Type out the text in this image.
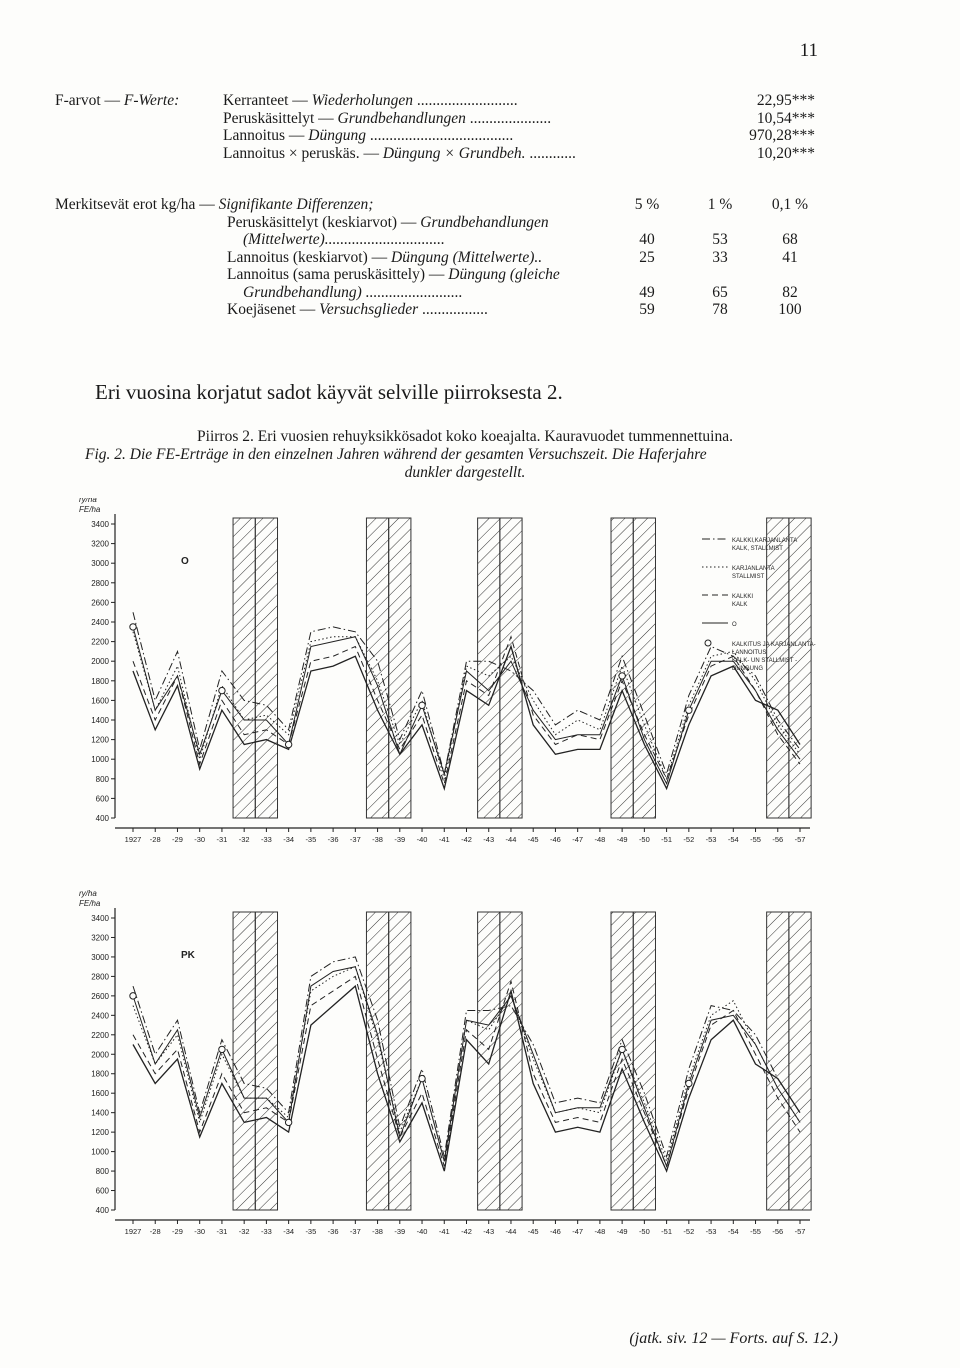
11
F-arvot — F-Werte:	Kerranteet — Wiederholungen ..........................	22,95***
Peruskäsittelyt — Grundbehandlungen .....................	10,54***
Lannoitus — Düngung .....................................	970,28***
Lannoitus × peruskäs. — Düngung × Grundbeh. ............	10,20***
Merkitsevät erot kg/ha — Signifikante Differenzen;	5 %	1 %	0,1 %
Peruskäsittelyt (keskiarvot) — Grundbehandlungen
(Mittelwerte)...............................	40	53	68
Lannoitus (keskiarvot) — Düngung (Mittelwerte)..	25	33	41
Lannoitus (sama peruskäsittely) — Düngung (gleiche
Grundbehandlung) .........................	49	65	82
Koejäsenet — Versuchsglieder .................	59	78	100
Eri vuosina korjatut sadot käyvät selville piirroksesta 2.
Piirros 2. Eri vuosien rehuyksikkösadot koko koeajalta. Kauravuodet tummennettuina.
Fig. 2. Die FE-Erträge in den einzelnen Jahren während der gesamten Versuchszeit. Die Haferjahre
dunkler dargestellt.
3400
3200
3000
2800
2600
2400
2200
2000
1800
1600
1400
1200
1000
800
600
400
ry/ha
FE/ha
1927 -28 -29 -30 -31 -32 -33 -34 -35 -36 -37 -38 -39 -40 -41 -42 -43 -44 -45 -46 -47 -48 -49 -50 -51 -52 -53 -54 -55 -56 -57
O
KALKKI,KARJANLANTA
KALK, STALLMIST
KARJANLANTA
STALLMIST
KALKKI
KALK
O
KALKITUS JA KARJANLANTA-
LANNOITUS
KALK- UN STALLMIST -
DÜNGUNG
3400
3200
3000
2800
2600
2400
2200
2000
1800
1600
1400
1200
1000
800
600
400
ry/ha
FE/ha
1927 -28 -29 -30 -31 -32 -33 -34 -35 -36 -37 -38 -39 -40 -41 -42 -43 -44 -45 -46 -47 -48 -49 -50 -51 -52 -53 -54 -55 -56 -57
PK
(jatk. siv. 12 — Forts. auf S. 12.)
